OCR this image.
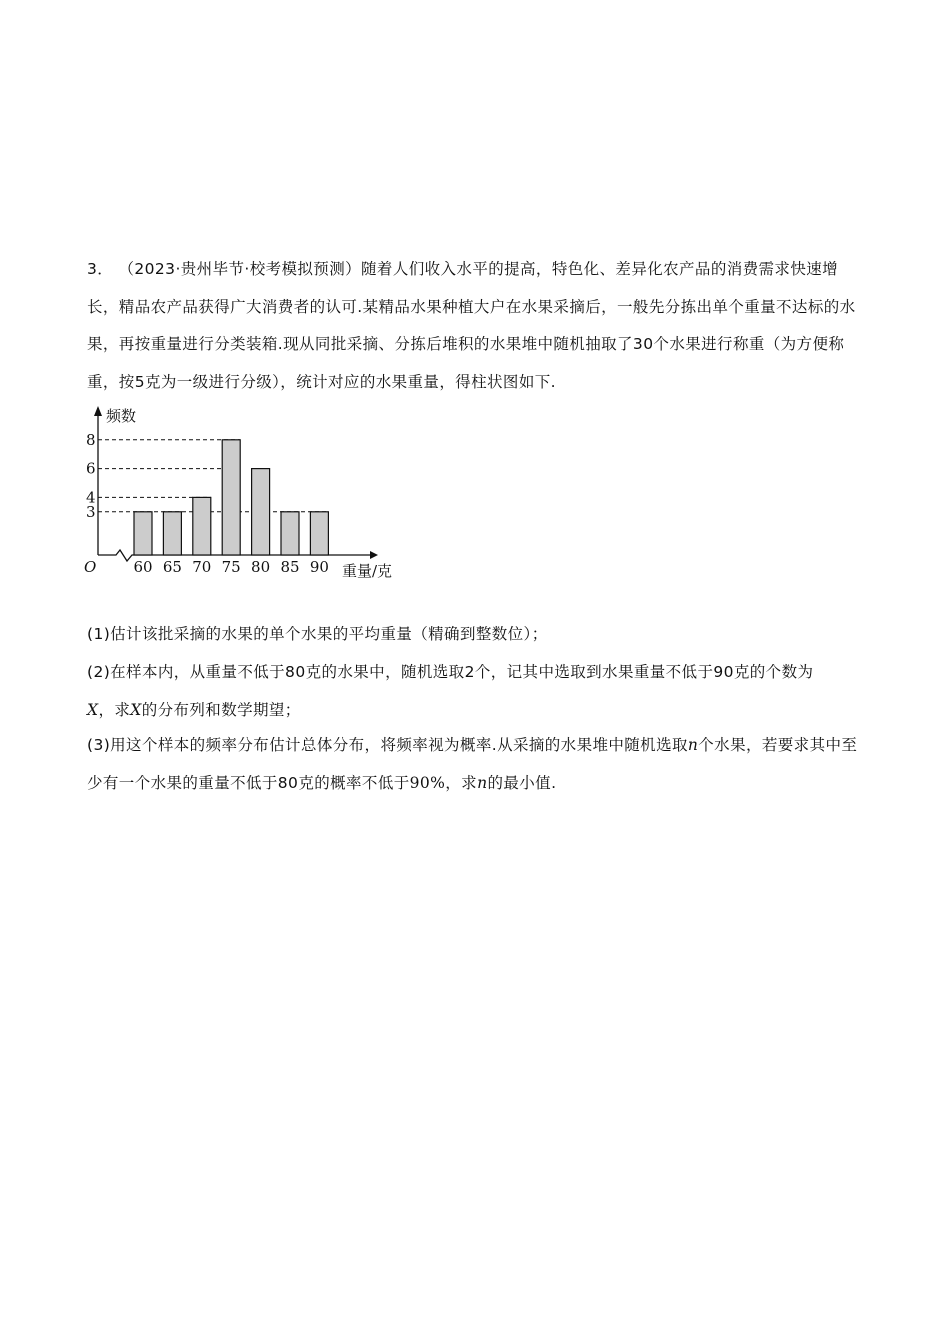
3． （2023·贵州毕节·校考模拟预测）随着人们收入水平的提高，特色化、差异化农产品的消费需求快速增长，精品农产品获得广大消费者的认可.某精品水果种植大户在水果采摘后，一般先分拣出单个重量不达标的水果，再按重量进行分类装箱.现从同批采摘、分拣后堆积的水果堆中随机抽取了30个水果进行称重（为方便称重，按5克为一级进行分级），统计对应的水果重量，得柱状图如下.
频数
重量/克
O
3
4
6
8
60 65 70 75 80 85 90
(1)估计该批采摘的水果的单个水果的平均重量（精确到整数位）；
(2)在样本内，从重量不低于80克的水果中，随机选取2个，记其中选取到水果重量不低于90克的个数为
X，求X的分布列和数学期望；
(3)用这个样本的频率分布估计总体分布，将频率视为概率.从采摘的水果堆中随机选取n个水果，若要求其中至少有一个水果的重量不低于80克的概率不低于90%，求n的最小值.
